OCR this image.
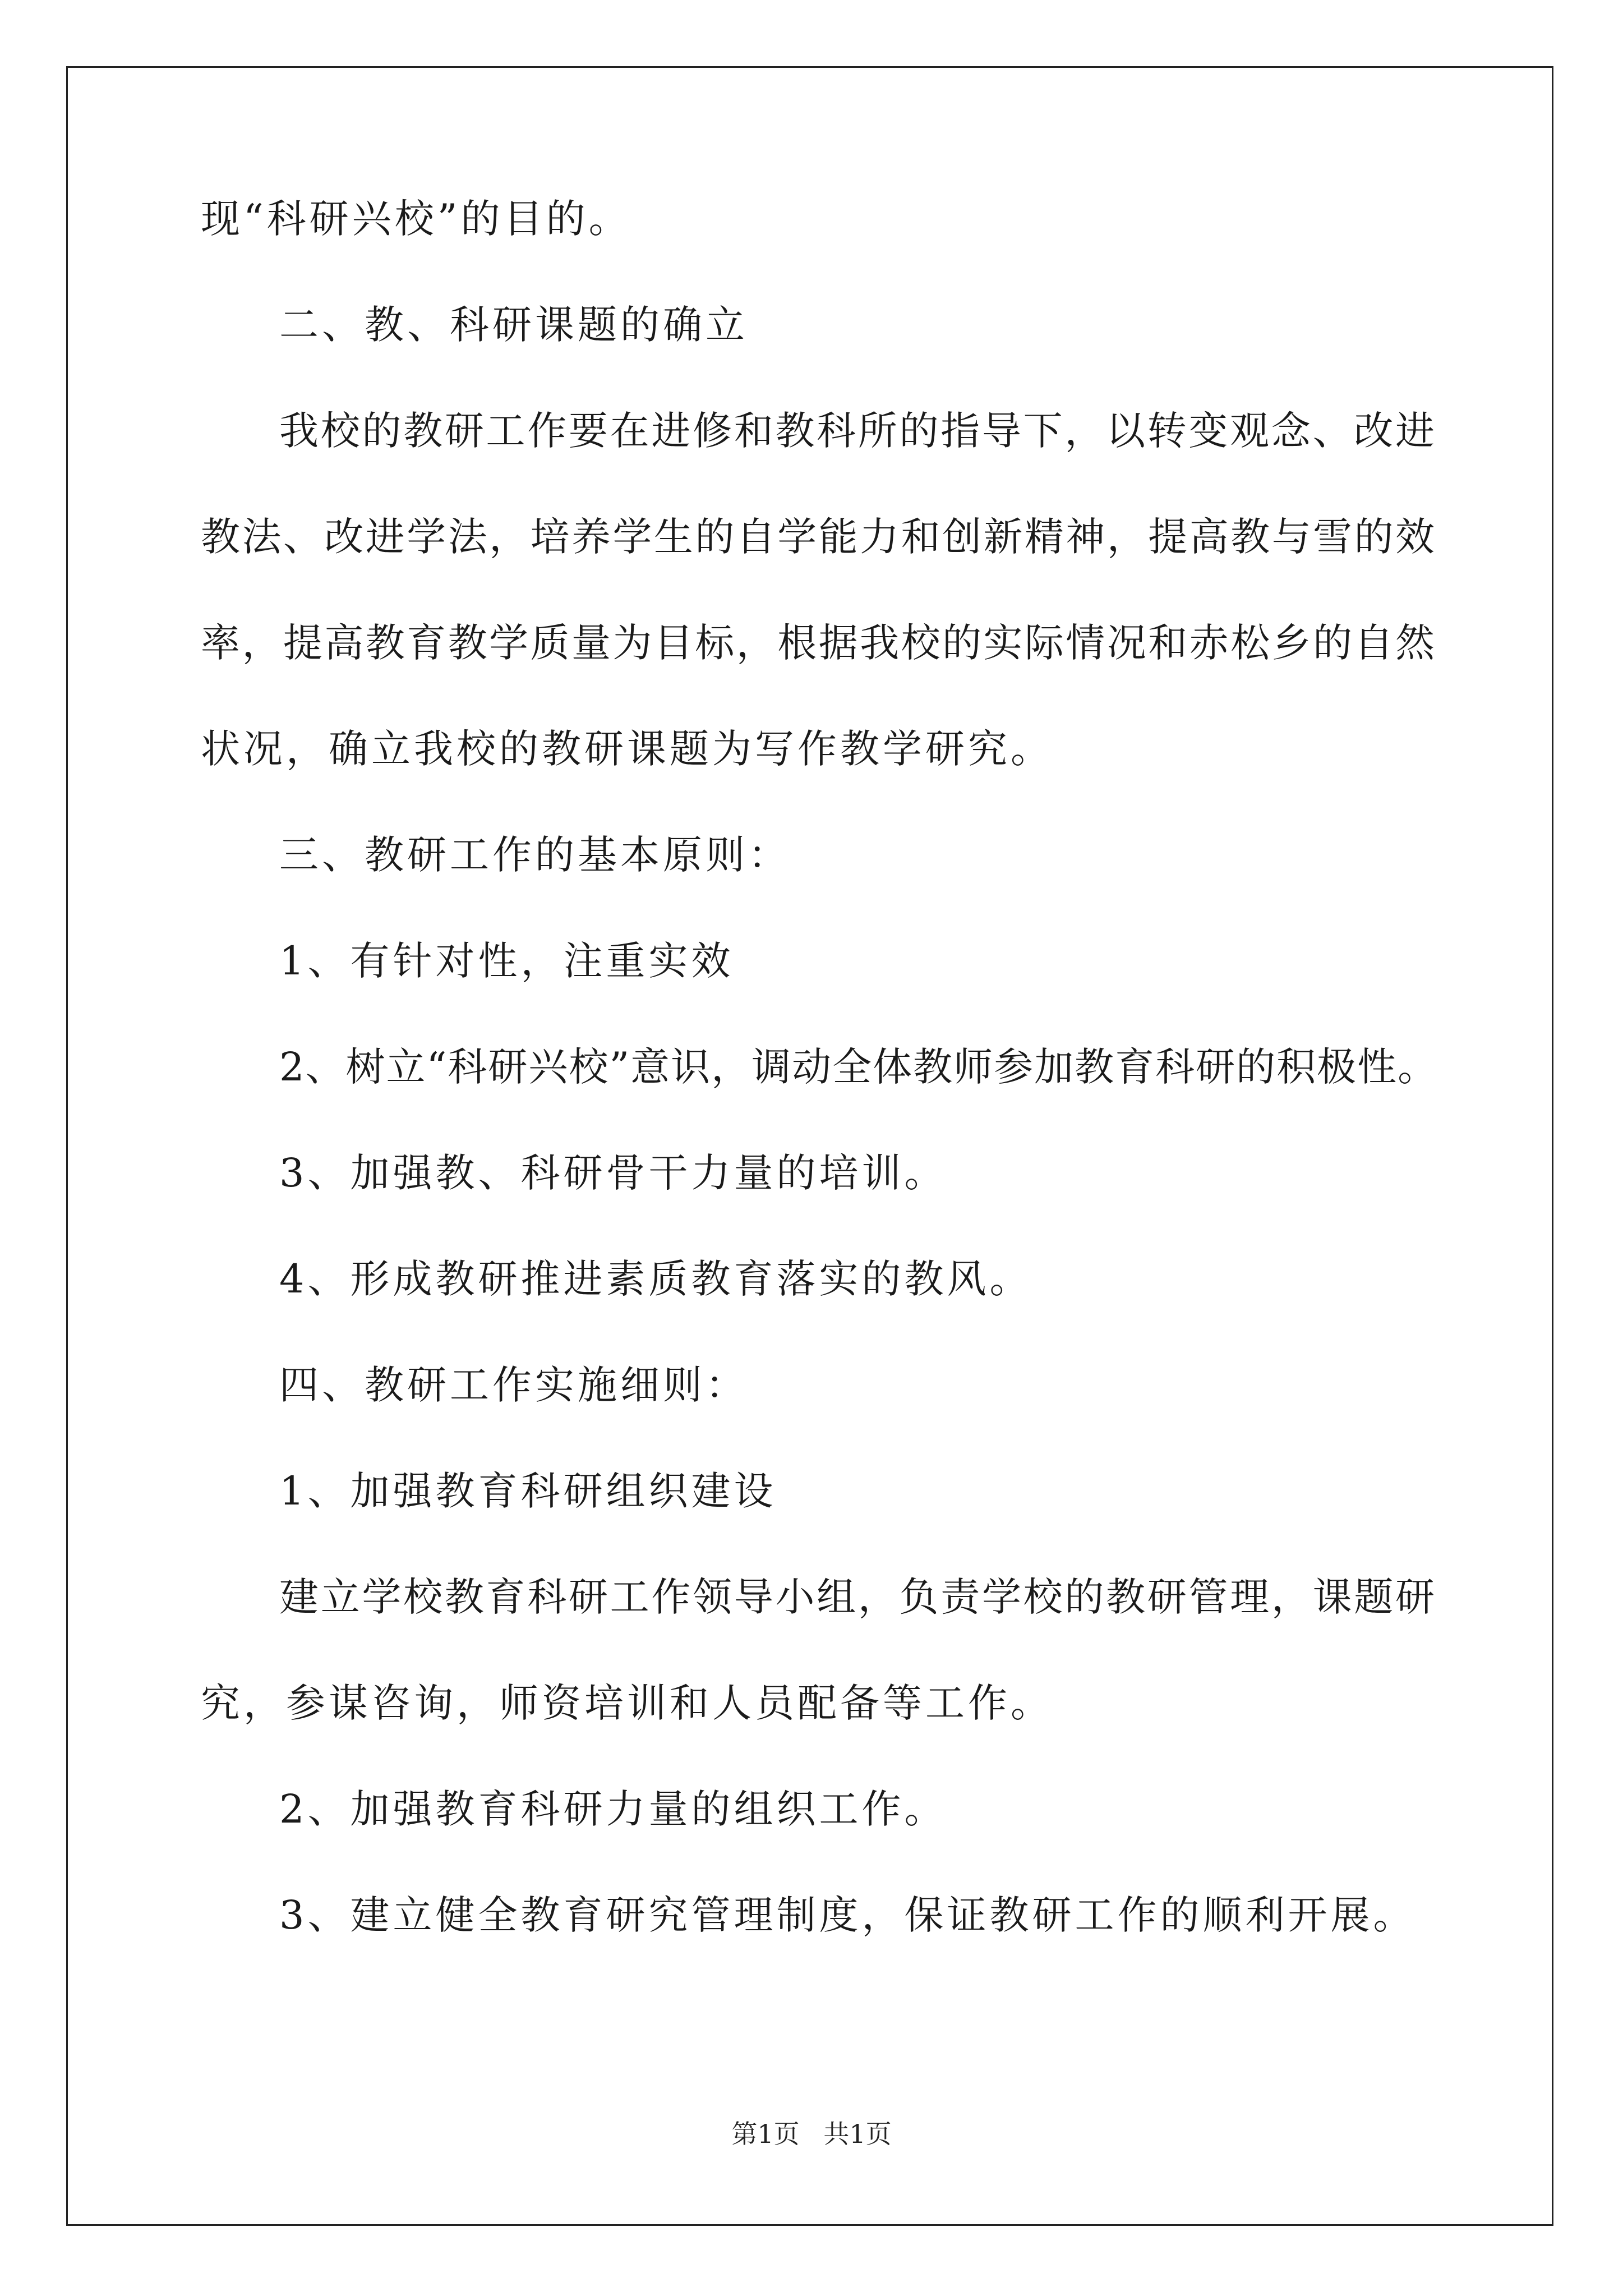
现“科研兴校”的目的。
二、教、科研课题的确立
我校的教研工作要在进修和教科所的指导下，以转变观念、改进
教法、改进学法，培养学生的自学能力和创新精神，提高教与雪的效
率，提高教育教学质量为目标，根据我校的实际情况和赤松乡的自然
状况，确立我校的教研课题为写作教学研究。
三、教研工作的基本原则：
1、有针对性，注重实效
2、树立“科研兴校”意识，调动全体教师参加教育科研的积极性。
3、加强教、科研骨干力量的培训。
4、形成教研推进素质教育落实的教风。
四、教研工作实施细则：
1、加强教育科研组织建设
建立学校教育科研工作领导小组，负责学校的教研管理，课题研
究，参谋咨询，师资培训和人员配备等工作。
2、加强教育科研力量的组织工作。
3、建立健全教育研究管理制度，保证教研工作的顺利开展。
第1页 共1页
